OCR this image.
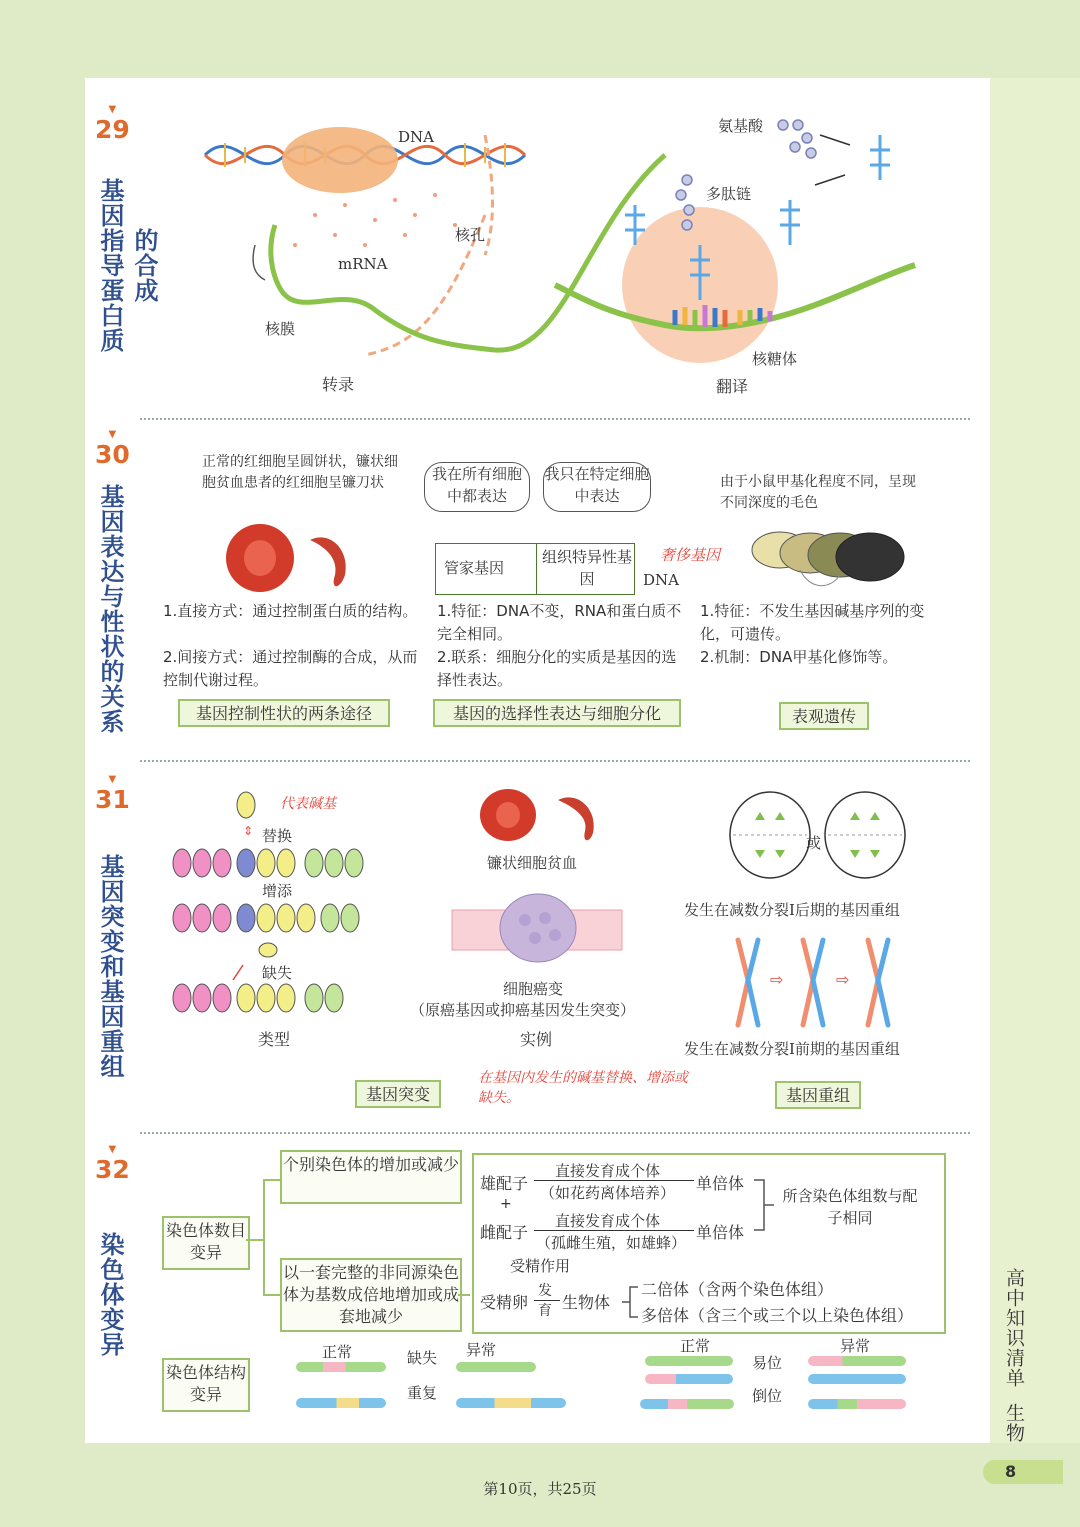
▼
29
基因指导蛋白质 的合成
DNA
mRNA
核孔
核膜
转录
氨基酸
多肽链
核糖体
翻译
▼
30
基因表达与性状的关系
正常的红细胞呈圆饼状，镰状细胞贫血患者的红细胞呈镰刀状
1.直接方式：通过控制蛋白质的结构。
2.间接方式：通过控制酶的合成，从而控制代谢过程。
基因控制性状的两条途径
我在所有细胞中都表达
我只在特定细胞中表达
管家基因
组织特异性基因
奢侈基因
DNA
1.特征：DNA不变，RNA和蛋白质不完全相同。
2.联系：细胞分化的实质是基因的选择性表达。
基因的选择性表达与细胞分化
由于小鼠甲基化程度不同，呈现不同深度的毛色
1.特征：不发生基因碱基序列的变化，可遗传。
2.机制：DNA甲基化修饰等。
表观遗传
▼
31
基因突变和基因重组
⇕
代表碱基
替换
增添
缺失
类型
镰状细胞贫血
细胞癌变
（原癌基因或抑癌基因发生突变）
实例
或
发生在减数分裂Ⅰ后期的基因重组
⇨	⇨
发生在减数分裂Ⅰ前期的基因重组
基因突变
在基因内发生的碱基替换、增添或缺失。	基因重组
▼
32
染色体变异
染色体数目变异
个别染色体的增加或减少
以一套完整的非同源染色体为基数成倍地增加或成套地减少
雄配子
+
雌配子
直接发育成个体
（如花药离体培养）
直接发育成个体
（孤雌生殖，如雄蜂）
单倍体
单倍体
所含染色体组数与配子相同
受精作用
受精卵
发育 生物体
二倍体（含两个染色体组）
多倍体（含三个或三个以上染色体组）
染色体结构变异
正常	缺失 异常
重复
正常
易位
异常
倒位
高中知识清单
生物
8
第10页，共25页
